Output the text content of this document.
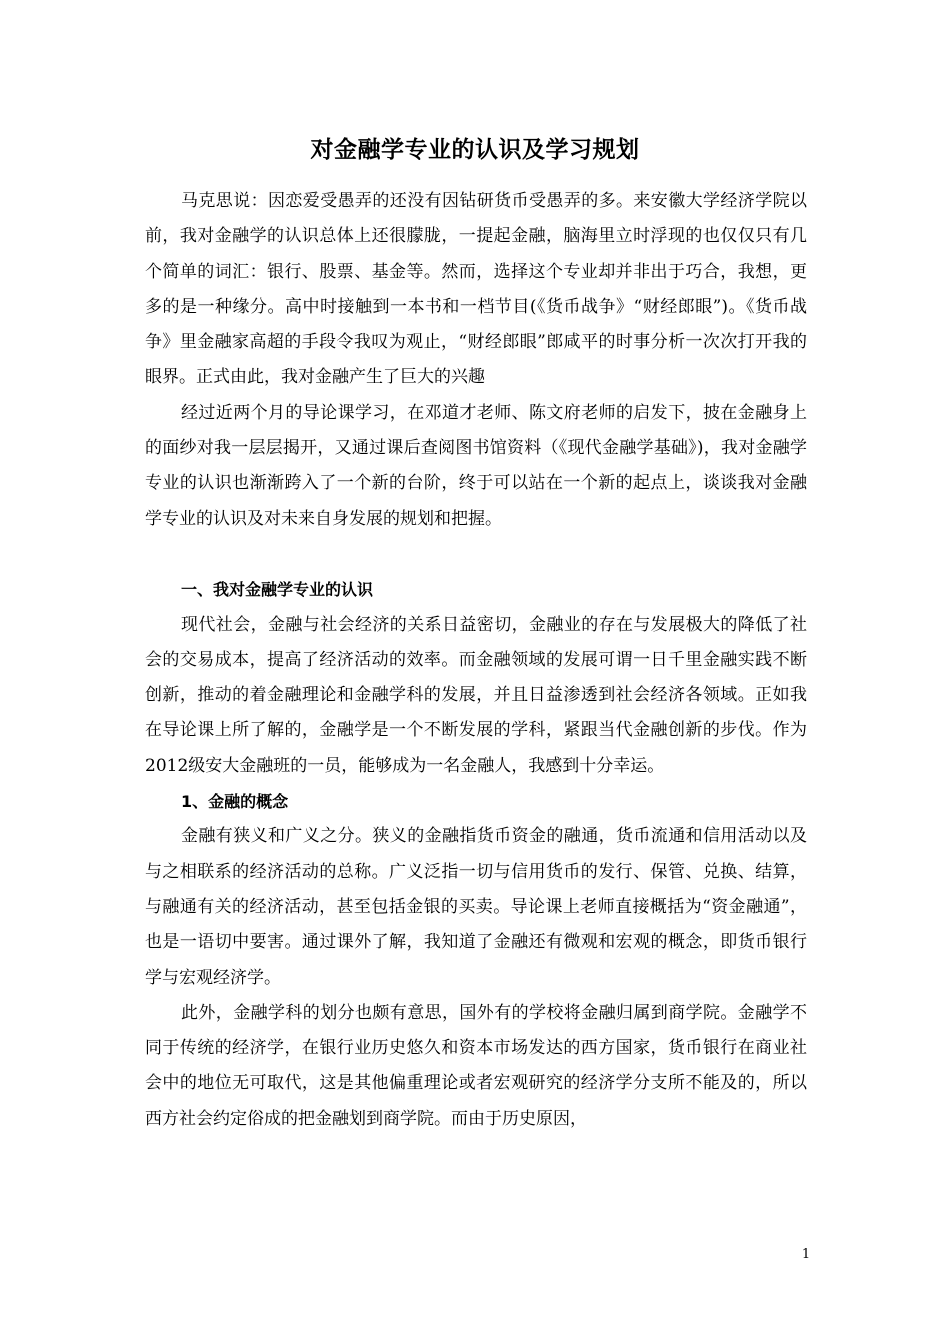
对金融学专业的认识及学习规划

马克思说：因恋爱受愚弄的还没有因钻研货币受愚弄的多。来安徽大学经济学院以前，我对金融学的认识总体上还很朦胧，一提起金融，脑海里立时浮现的也仅仅只有几个简单的词汇：银行、股票、基金等。然而，选择这个专业却并非出于巧合，我想，更多的是一种缘分。高中时接触到一本书和一档节目(《货币战争》“财经郎眼”)。《货币战争》里金融家高超的手段令我叹为观止，“财经郎眼”郎咸平的时事分析一次次打开我的眼界。正式由此，我对金融产生了巨大的兴趣

经过近两个月的导论课学习，在邓道才老师、陈文府老师的启发下，披在金融身上的面纱对我一层层揭开，又通过课后查阅图书馆资料（《现代金融学基础》)，我对金融学专业的认识也渐渐跨入了一个新的台阶，终于可以站在一个新的起点上，谈谈我对金融学专业的认识及对未来自身发展的规划和把握。

一、我对金融学专业的认识

现代社会，金融与社会经济的关系日益密切，金融业的存在与发展极大的降低了社会的交易成本，提高了经济活动的效率。而金融领域的发展可谓一日千里金融实践不断创新，推动的着金融理论和金融学科的发展，并且日益渗透到社会经济各领域。正如我在导论课上所了解的，金融学是一个不断发展的学科，紧跟当代金融创新的步伐。作为2012级安大金融班的一员，能够成为一名金融人，我感到十分幸运。

1、金融的概念

金融有狭义和广义之分。狭义的金融指货币资金的融通，货币流通和信用活动以及与之相联系的经济活动的总称。广义泛指一切与信用货币的发行、保管、兑换、结算，与融通有关的经济活动，甚至包括金银的买卖。导论课上老师直接概括为“资金融通”，也是一语切中要害。通过课外了解，我知道了金融还有微观和宏观的概念，即货币银行学与宏观经济学。

此外，金融学科的划分也颇有意思，国外有的学校将金融归属到商学院。金融学不同于传统的经济学，在银行业历史悠久和资本市场发达的西方国家，货币银行在商业社会中的地位无可取代，这是其他偏重理论或者宏观研究的经济学分支所不能及的，所以西方社会约定俗成的把金融划到商学院。而由于历史原因，

1
